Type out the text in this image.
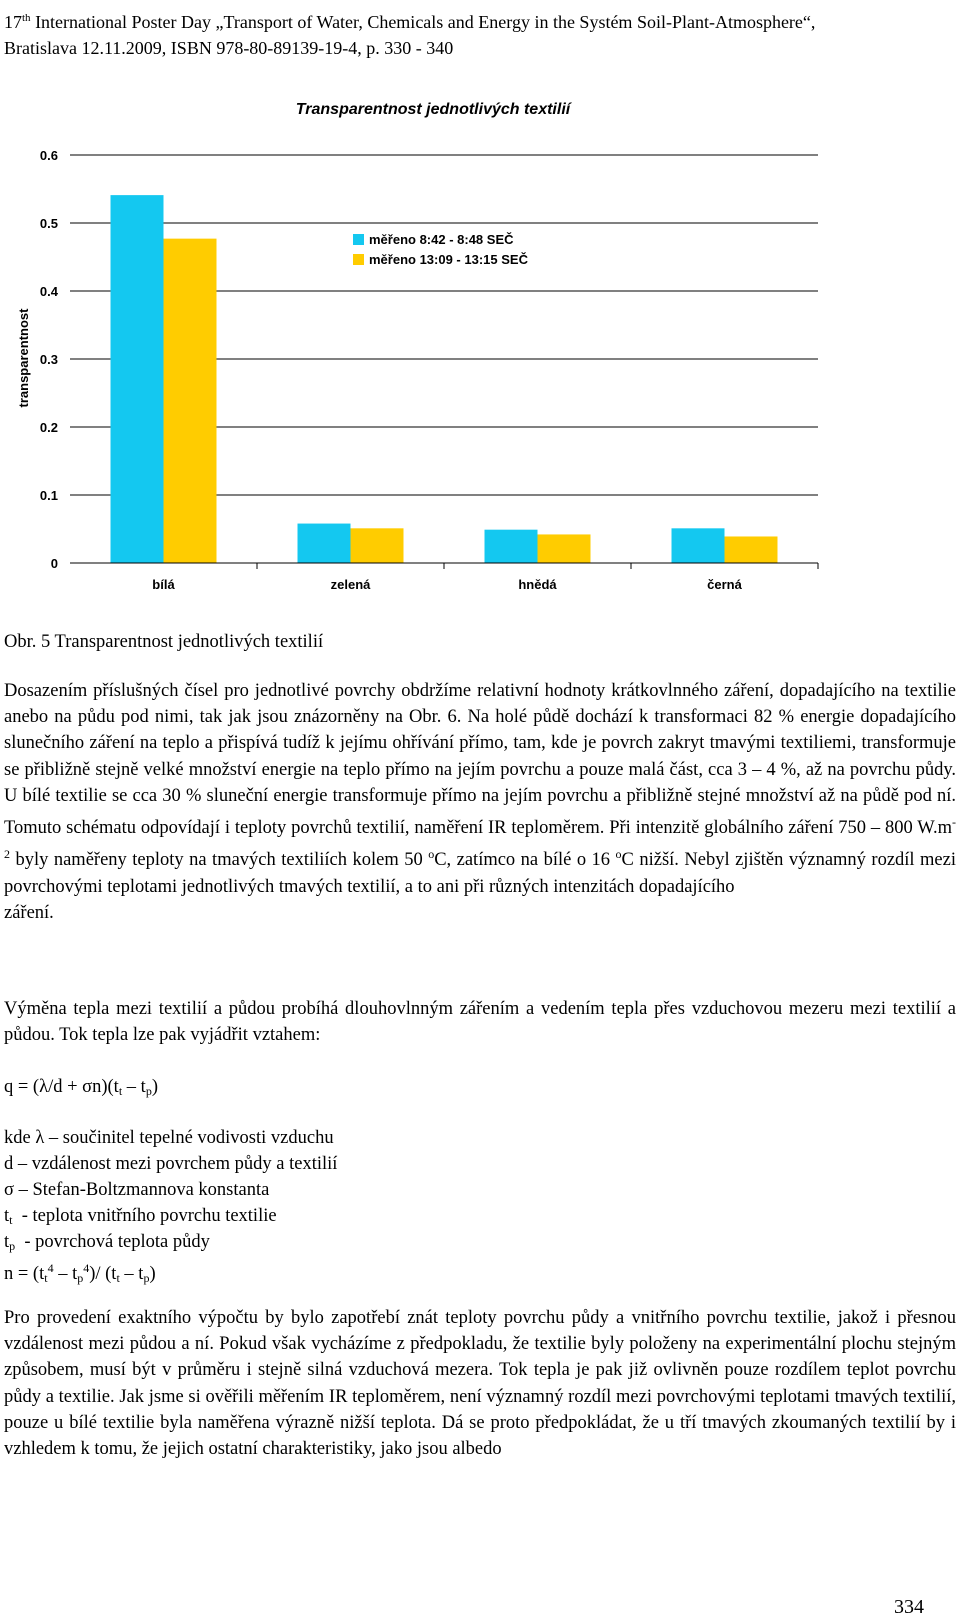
17th International Poster Day „Transport of Water, Chemicals and Energy in the Systém Soil-Plant-Atmosphere“,
Bratislava 12.11.2009, ISBN 978-80-89139-19-4, p. 330 - 340
Transparentnost jednotlivých textilií
0
0.1
0.2
0.3
0.4
0.5
0.6
bílá	zelená	hnědá	černá
transparentnost
měřeno 8:42 - 8:48 SEČ
měřeno 13:09 - 13:15 SEČ
Obr. 5 Transparentnost jednotlivých textilií
Dosazením příslušných čísel pro jednotlivé povrchy obdržíme relativní hodnoty krátkovlnného záření, dopadajícího na textilie anebo na půdu pod nimi, tak jak jsou znázorněny na Obr. 6. Na holé půdě dochází k transformaci 82 % energie dopadajícího slunečního záření na teplo a přispívá tudíž k jejímu ohřívání přímo, tam, kde je povrch zakryt tmavými textiliemi, transformuje se přibližně stejně velké množství energie na teplo přímo na jejím povrchu a pouze malá část, cca 3 – 4 %, až na povrchu půdy. U bílé textilie se cca 30 % sluneční energie transformuje přímo na jejím povrchu a přibližně stejné množství až na půdě pod ní. Tomuto schématu odpovídají i teploty povrchů textilií, naměření IR teploměrem. Při intenzitě globálního záření 750 – 800 $W.m^{-2}$ byly naměřeny teploty na tmavých textiliích kolem 50 $^o$C, zatímco na bílé o 16 $^o$C nižší. Nebyl zjištěn významný rozdíl mezi povrchovými teplotami jednotlivých tmavých textilií, a to ani při různých intenzitách dopadajícího
záření.
Výměna tepla mezi textilií a půdou probíhá dlouhovlnným zářením a vedením tepla přes vzduchovou mezeru mezi textilií a půdou. Tok tepla lze pak vyjádřit vztahem:
$q = (\lambda/d + \sigma n)(t_t - t_p)$
kde λ – součinitel tepelné vodivosti vzduchu
d – vzdálenost mezi povrchem půdy a textilií
σ – Stefan-Boltzmannova konstanta
$t_t$  - teplota vnitřního povrchu textilie
$t_p$  - povrchová teplota půdy
$n = (t_t^4 - t_p^4)/$ $(t_t - t_p)$
Pro provedení exaktního výpočtu by bylo zapotřebí znát teploty povrchu půdy a vnitřního povrchu textilie, jakož i přesnou vzdálenost mezi půdou a ní. Pokud však vycházíme z předpokladu, že textilie byly položeny na experimentální plochu stejným způsobem, musí být v průměru i stejně silná vzduchová mezera. Tok tepla je pak již ovlivněn pouze rozdílem teplot povrchu půdy a textilie. Jak jsme si ověřili měřením IR teploměrem, není významný rozdíl mezi povrchovými teplotami tmavých textilií, pouze u bílé textilie byla naměřena výrazně nižší teplota. Dá se proto předpokládat, že u tří tmavých zkoumaných textilií by i vzhledem k tomu, že jejich ostatní charakteristiky, jako jsou albedo
334
